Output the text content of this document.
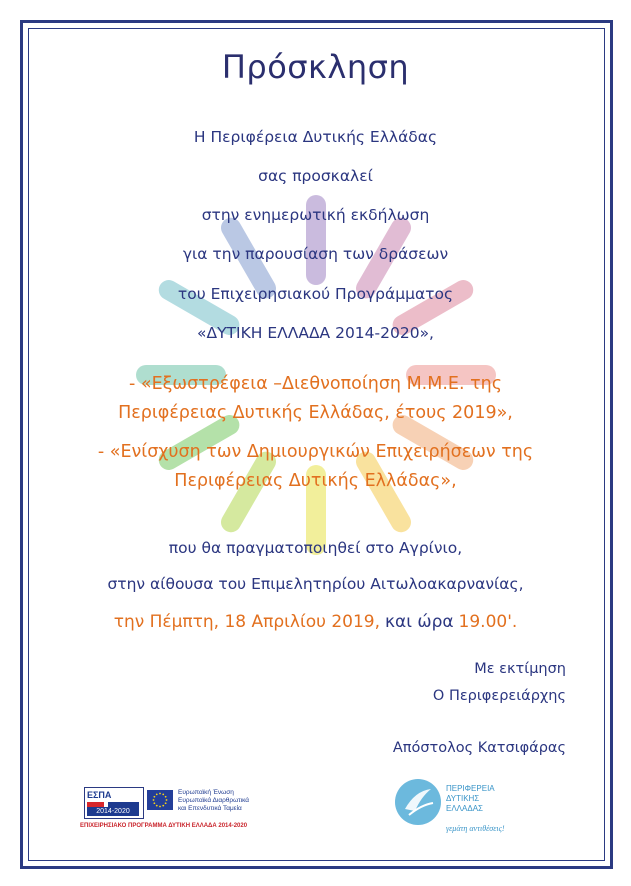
Πρόσκληση
Η Περιφέρεια Δυτικής Ελλάδας
σας προσκαλεί
στην ενημερωτική εκδήλωση
για την παρουσίαση των δράσεων
του Επιχειρησιακού Προγράμματος
«ΔΥΤΙΚΗ ΕΛΛΑΔΑ 2014-2020»,
- «Εξωστρέφεια –Διεθνοποίηση Μ.Μ.Ε. της
Περιφέρειας Δυτικής Ελλάδας, έτους 2019»,
- «Ενίσχυση των Δημιουργικών Επιχειρήσεων της
Περιφέρειας Δυτικής Ελλάδας»,
που θα πραγματοποιηθεί στο Αγρίνιο,
στην αίθουσα του Επιμελητηρίου Αιτωλοακαρνανίας,
την Πέμπτη, 18 Απριλίου 2019, και ώρα 19.00'.
Με εκτίμηση
Ο Περιφερειάρχης
Απόστολος Κατσιφάρας
ΕΣΠΑ
2014-2020
Ευρωπαϊκή Ένωση
Ευρωπαϊκά Διαρθρωτικά
και Επενδυτικά Ταμεία
ΕΠΙΧΕΙΡΗΣΙΑΚΟ ΠΡΟΓΡΑΜΜΑ ΔΥΤΙΚΗ ΕΛΛΑΔΑ 2014-2020
ΠΕΡΙΦΕΡΕΙΑ
ΔΥΤΙΚΗΣ
ΕΛΛΑΔΑΣ
γεμάτη αντιθέσεις!
